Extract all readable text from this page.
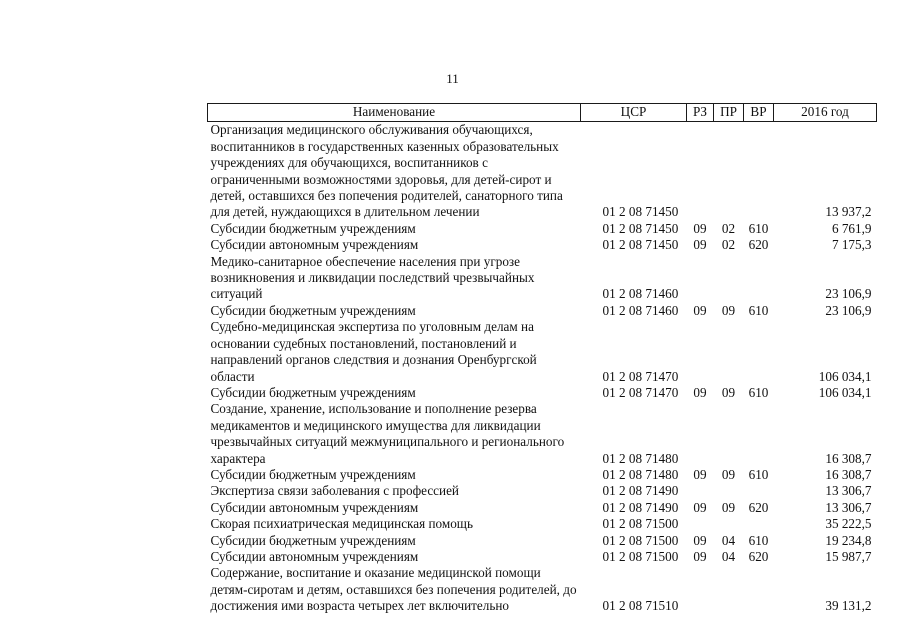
11
Наименование	ЦСР	РЗ	ПР	ВР	2016 год
Организация медицинского обслуживания обучающихся, воспитанников в государственных казенных образовательных учреждениях для обучающихся, воспитанников с ограниченными возможностями здоровья, для детей-сирот и детей, оставшихся без попечения родителей, санаторного типа для детей, нуждающихся в длительном лечении	01 2 08 71450				13 937,2
Субсидии бюджетным учреждениям	01 2 08 71450	09	02	610	6 761,9
Субсидии автономным учреждениям	01 2 08 71450	09	02	620	7 175,3
Медико-санитарное обеспечение населения при угрозе возникновения и ликвидации последствий чрезвычайных ситуаций	01 2 08 71460				23 106,9
Субсидии бюджетным учреждениям	01 2 08 71460	09	09	610	23 106,9
Судебно-медицинская экспертиза по уголовным делам на основании судебных постановлений, постановлений и направлений органов следствия и дознания Оренбургской области	01 2 08 71470				106 034,1
Субсидии бюджетным учреждениям	01 2 08 71470	09	09	610	106 034,1
Создание, хранение, использование и пополнение резерва медикаментов и медицинского имущества для ликвидации чрезвычайных ситуаций межмуниципального и регионального характера	01 2 08 71480				16 308,7
Субсидии бюджетным учреждениям	01 2 08 71480	09	09	610	16 308,7
Экспертиза связи заболевания с профессией	01 2 08 71490				13 306,7
Субсидии автономным учреждениям	01 2 08 71490	09	09	620	13 306,7
Скорая психиатрическая медицинская помощь	01 2 08 71500				35 222,5
Субсидии бюджетным учреждениям	01 2 08 71500	09	04	610	19 234,8
Субсидии автономным учреждениям	01 2 08 71500	09	04	620	15 987,7
Содержание, воспитание и оказание медицинской помощи детям-сиротам и детям, оставшихся без попечения родителей, до достижения ими возраста четырех лет включительно	01 2 08 71510				39 131,2
